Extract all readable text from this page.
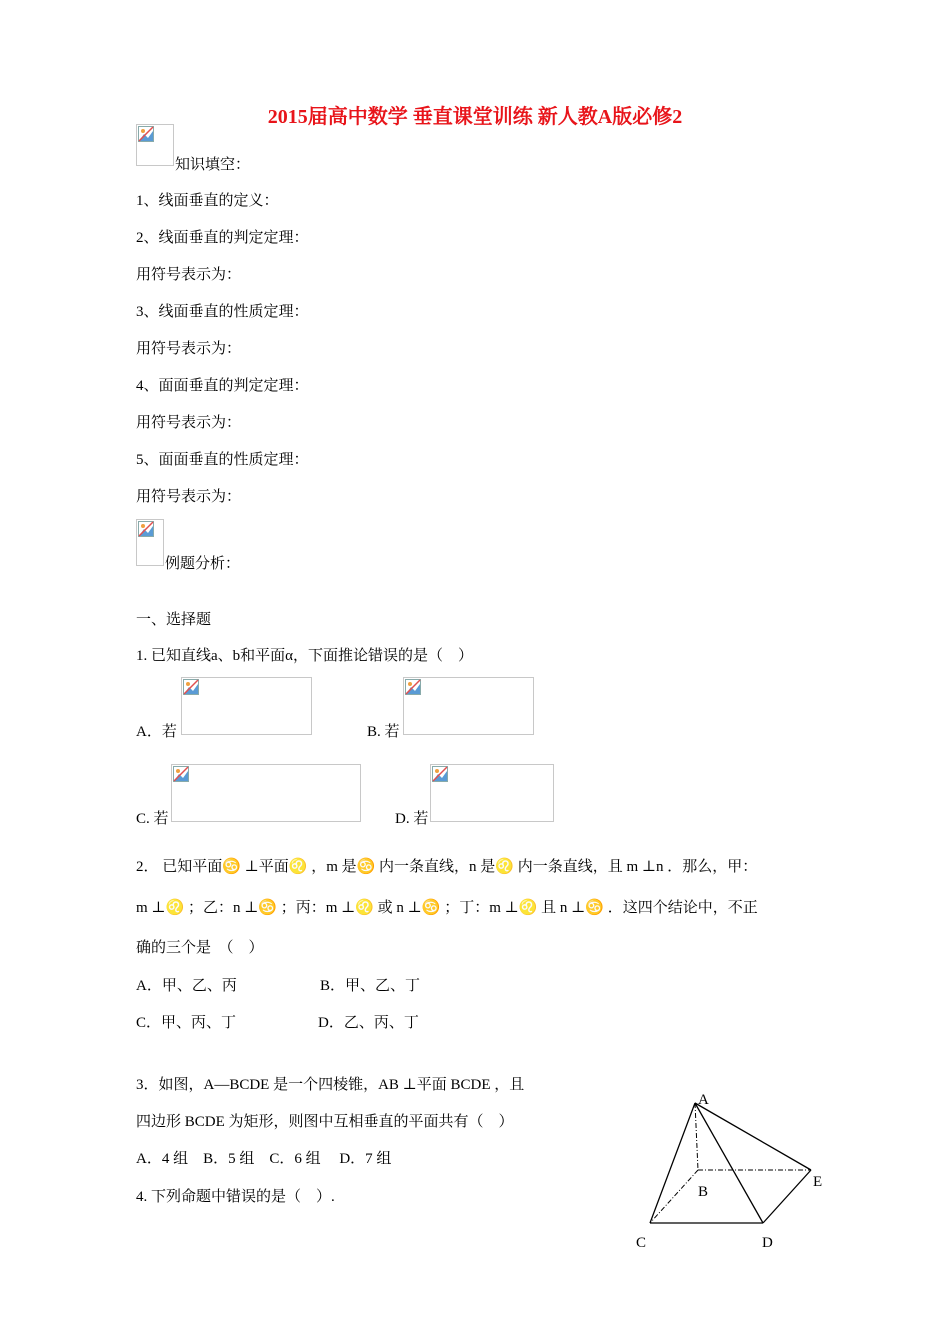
2015届高中数学 垂直课堂训练 新人教A版必修2
知识填空：
1、线面垂直的定义：
2、线面垂直的判定定理：
用符号表示为：
3、线面垂直的性质定理：
用符号表示为：
4、面面垂直的判定定理：
用符号表示为：
5、面面垂直的性质定理：
用符号表示为：
例题分析：
一、选择题
1. 已知直线a、b和平面α，下面推论错误的是（　）
A．若	B. 若
C. 若	D. 若
2． 已知平面♋ ⊥平面♌ ，m 是♋ 内一条直线，n 是♌ 内一条直线，且 m ⊥n ．那么，甲：
m ⊥♌ ；乙：n ⊥♋ ；丙：m ⊥♌ 或 n ⊥♋ ；丁：m ⊥♌ 且 n ⊥♋ ．这四个结论中，不正
确的三个是　（　）
A．甲、乙、丙	B．甲、乙、丁
C．甲、丙、丁	D．乙、丙、丁
3．如图，A—BCDE 是一个四棱锥，AB ⊥平面 BCDE ，且
四边形 BCDE 为矩形，则图中互相垂直的平面共有（　）
A．4 组　B．5 组　C．6 组　 D．7 组
4. 下列命题中错误的是（　）.
A
B
C	D
E
